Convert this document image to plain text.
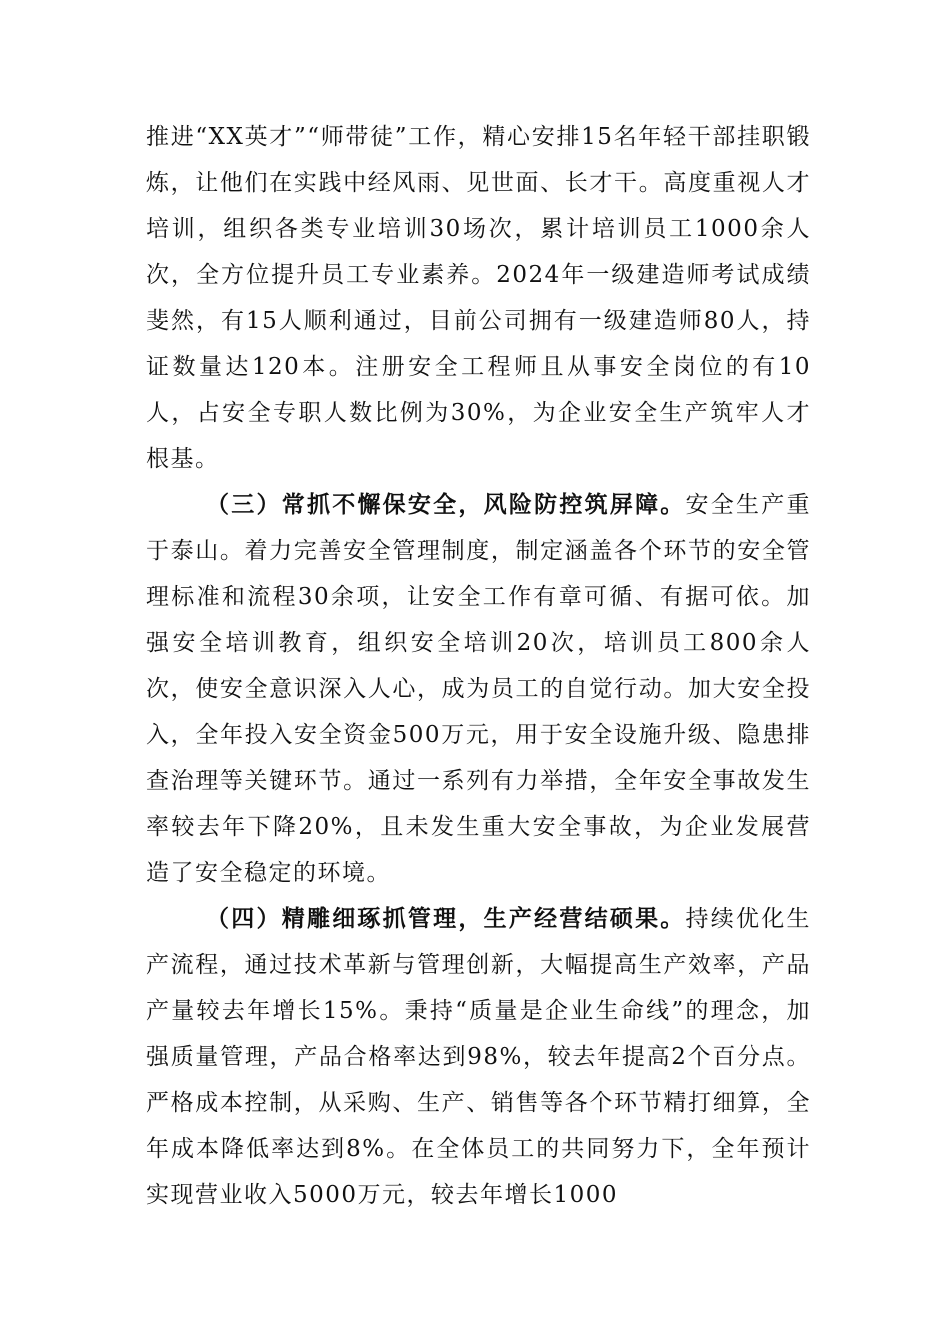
推进“XX英才”“师带徒”工作，精心安排15名年轻干部挂职锻炼，让他们在实践中经风雨、见世面、长才干。高度重视人才培训，组织各类专业培训30场次，累计培训员工1000余人次，全方位提升员工专业素养。2024年一级建造师考试成绩斐然，有15人顺利通过，目前公司拥有一级建造师80人，持证数量达120本。注册安全工程师且从事安全岗位的有10人，占安全专职人数比例为30%，为企业安全生产筑牢人才根基。

（三）常抓不懈保安全，风险防控筑屏障。安全生产重于泰山。着力完善安全管理制度，制定涵盖各个环节的安全管理标准和流程30余项，让安全工作有章可循、有据可依。加强安全培训教育，组织安全培训20次，培训员工800余人次，使安全意识深入人心，成为员工的自觉行动。加大安全投入，全年投入安全资金500万元，用于安全设施升级、隐患排查治理等关键环节。通过一系列有力举措，全年安全事故发生率较去年下降20%，且未发生重大安全事故，为企业发展营造了安全稳定的环境。

（四）精雕细琢抓管理，生产经营结硕果。持续优化生产流程，通过技术革新与管理创新，大幅提高生产效率，产品产量较去年增长15%。秉持“质量是企业生命线”的理念，加强质量管理，产品合格率达到98%，较去年提高2个百分点。严格成本控制，从采购、生产、销售等各个环节精打细算，全年成本降低率达到8%。在全体员工的共同努力下，全年预计实现营业收入5000万元，较去年增长1000
